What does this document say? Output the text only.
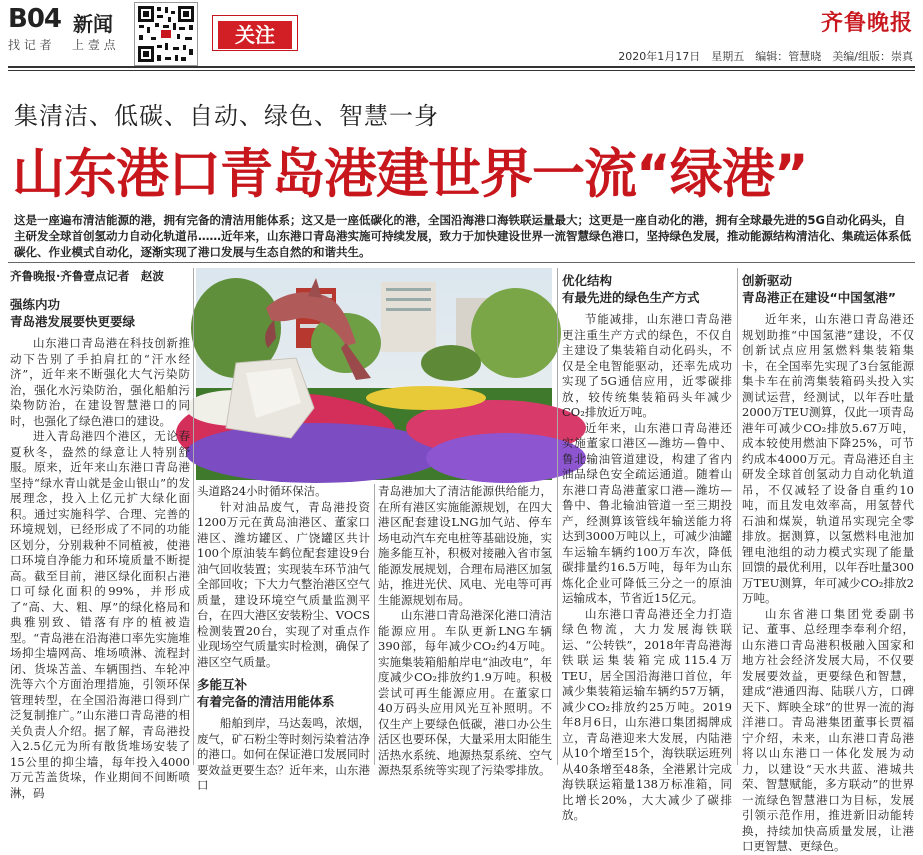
B04 新闻
找 记 者 上 壹 点	关注	齐鲁晚报
2020年1月17日　星期五　编辑：管慧晓　美编/组版：崇真
集清洁、低碳、自动、绿色、智慧一身
山东港口青岛港建世界一流“绿港”
这是一座遍布清洁能源的港，拥有完备的清洁用能体系；这又是一座低碳化的港，全国沿海港口海铁联运量最大；这更是一座自动化的港，拥有全球最先进的5G自动化码头，自主研发全球首创氢动力自动化轨道吊……近年来，山东港口青岛港实施可持续发展，致力于加快建设世界一流智慧绿色港口，坚持绿色发展，推动能源结构清洁化、集疏运体系低碳化、作业模式自动化，逐渐实现了港口发展与生态自然的和谐共生。
齐鲁晚报·齐鲁壹点记者　赵波
强练内功
青岛港发展要快更要绿

山东港口青岛港在科技创新推动下告别了手拍肩扛的“汗水经济”，近年来不断强化大气污染防治，强化水污染防治，强化船舶污染物防治，在建设智慧港口的同时，也强化了绿色港口的建设。

进入青岛港四个港区，无论春夏秋冬，盎然的绿意让人特别舒服。原来，近年来山东港口青岛港坚持“绿水青山就是金山银山”的发展理念，投入上亿元扩大绿化面积。通过实施科学、合理、完善的环境规划，已经形成了不同的功能区划分，分别栽种不同植被，使港口环境自净能力和环境质量不断提高。截至目前，港区绿化面积占港口可绿化面积的99%，并形成了“高、大、粗、厚”的绿化格局和典雅别致、错落有序的植被造型。“青岛港在沿海港口率先实施堆场抑尘墙网高、堆场喷淋、流程封闭、货垛苫盖、车辆围挡、车轮冲洗等六个方面治理措施，引领环保管理转型，在全国沿海港口得到广泛复制推广。”山东港口青岛港的相关负责人介绍。据了解，青岛港投入2.5亿元为所有散货堆场安装了15公里的抑尘墙，每年投入4000万元苫盖货垛，作业期间不间断喷淋，码

头道路24小时循环保洁。

针对油品废气，青岛港投资1200万元在黄岛油港区、董家口港区、潍坊罐区、广饶罐区共计100个原油装车鹤位配套建设9台油气回收装置；实现装车环节油气全部回收；下大力气整治港区空气质量，建设环境空气质量监测平台，在四大港区安装粉尘、VOCS检测装置20台，实现了对重点作业现场空气质量实时检测，确保了港区空气质量。

多能互补
有着完备的清洁用能体系

船舶到岸，马达轰鸣，浓烟，废气，矿石粉尘等时刻污染着洁净的港口。如何在保证港口发展同时要效益更要生态？近年来，山东港口

青岛港加大了清洁能源供给能力，在所有港区实施能源规划，在四大港区配套建设LNG加气站、停车场电动汽车充电桩等基础设施，实施多能互补，积极对接融入省市氢能源发展规划，合理布局港区加氢站，推进光伏、风电、光电等可再生能源规划布局。

山东港口青岛港深化港口清洁能源应用。车队更新LNG车辆390部，每年减少CO₂约4万吨。实施集装箱船舶岸电“油改电”，年度减少CO₂排放约1.9万吨。积极尝试可再生能源应用。在董家口40万码头应用风光互补照明。不仅生产上要绿色低碳，港口办公生活区也要环保，大量采用太阳能生活热水系统、地源热泵系统、空气源热泵系统等实现了污染零排放。

优化结构
有最先进的绿色生产方式

节能减排，山东港口青岛港更注重生产方式的绿色，不仅自主建设了集装箱自动化码头，不仅是全电智能驱动，还率先成功实现了5G通信应用，近零碳排放，较传统集装箱码头年减少CO₂排放近万吨。

近年来，山东港口青岛港还实施董家口港区—潍坊—鲁中、鲁北输油管道建设，构建了省内油品绿色安全疏运通道。随着山东港口青岛港董家口港—潍坊—鲁中、鲁北输油管道一至三期投产，经测算该管线年输送能力将达到3000万吨以上，可减少油罐车运输车辆约100万车次，降低碳排量约16.5万吨，每年为山东炼化企业可降低三分之一的原油运输成本，节省近15亿元。

山东港口青岛港还全力打造绿色物流，大力发展海铁联运、“公转铁”，2018年青岛港海铁联运集装箱完成115.4万TEU，居全国沿海港口首位，年减少集装箱运输车辆约57万辆，减少CO₂排放约25万吨。2019年8月6日，山东港口集团揭牌成立，青岛港迎来大发展，内陆港从10个增至15个，海铁联运班列从40条增至48条，全港累计完成海铁联运箱量138万标准箱，同比增长20%，大大减少了碳排放。

创新驱动
青岛港正在建设“中国氢港”

近年来，山东港口青岛港还规划助推“中国氢港”建设，不仅创新试点应用氢燃料集装箱集卡，在全国率先实现了3台氢能源集卡车在前湾集装箱码头投入实测试运营，经测试，以年吞吐量2000万TEU测算，仅此一项青岛港年可减少CO₂排放5.67万吨，成本较使用燃油下降25%，可节约成本4000万元。青岛港还自主研发全球首创氢动力自动化轨道吊，不仅减轻了设备自重约10吨，而且发电效率高，用氢替代石油和煤炭，轨道吊实现完全零排放。据测算，以氢燃料电池加锂电池组的动力模式实现了能量回馈的最优利用，以年吞吐量300万TEU测算，年可减少CO₂排放2万吨。

山东省港口集团党委副书记、董事、总经理李奉利介绍，山东港口青岛港积极融入国家和地方社会经济发展大局，不仅要发展要效益，更要绿色和智慧，建成“港通四海、陆联八方，口碑天下、辉映全球”的世界一流的海洋港口。青岛港集团董事长贾福宁介绍，未来，山东港口青岛港将以山东港口一体化发展为动力，以建设“天水共蓝、港城共荣、智慧赋能，多方联动”的世界一流绿色智慧港口为目标，发展引领示范作用，推进新旧动能转换，持续加快高质量发展，让港口更智慧、更绿色。
